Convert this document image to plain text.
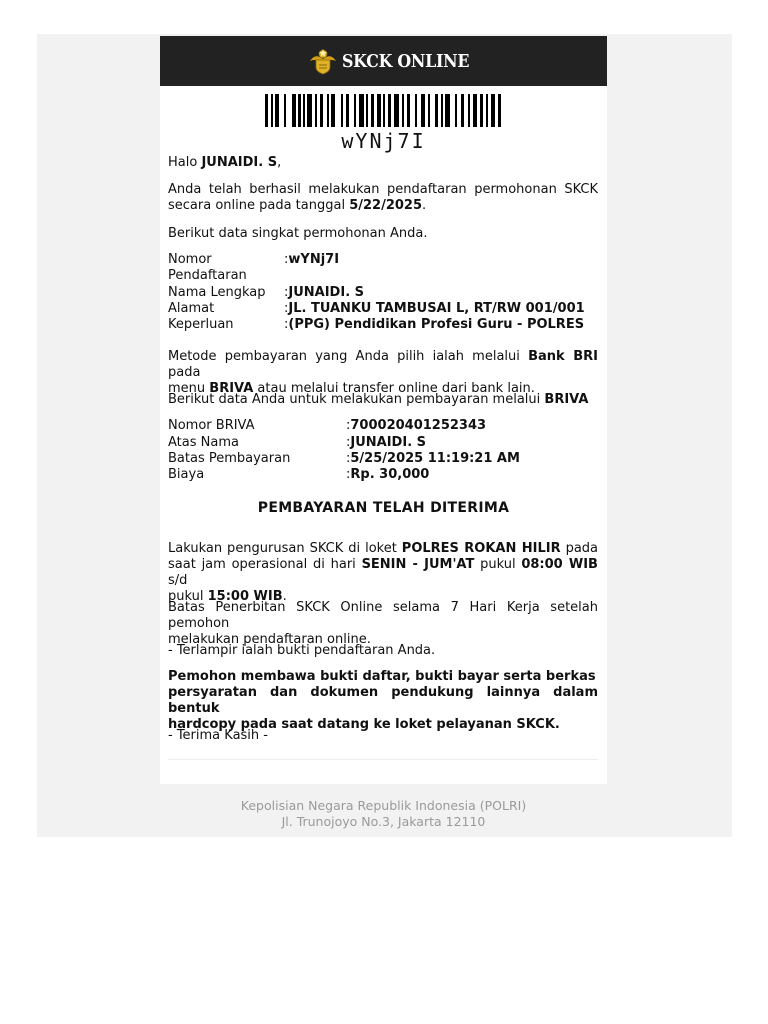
SKCK ONLINE
wYNj7I
Halo JUNAIDI. S,
Anda telah berhasil melakukan pendaftaran permohonan SKCK
secara online pada tanggal 5/22/2025.
Berikut data singkat permohonan Anda.
Nomor
Pendaftaran
:wYNj7I
Nama Lengkap :JUNAIDI. S
Alamat	:JL. TUANKU TAMBUSAI L, RT/RW 001/001
Keperluan	:(PPG) Pendidikan Profesi Guru - POLRES
Metode pembayaran yang Anda pilih ialah melalui Bank BRI pada
menu BRIVA atau melalui transfer online dari bank lain.
Berikut data Anda untuk melakukan pembayaran melalui BRIVA
Nomor BRIVA	:700020401252343
Atas Nama	:JUNAIDI. S
Batas Pembayaran	:5/25/2025 11:19:21 AM
Biaya	:Rp. 30,000
PEMBAYARAN TELAH DITERIMA
Lakukan pengurusan SKCK di loket POLRES ROKAN HILIR pada
saat jam operasional di hari SENIN - JUM'AT pukul 08:00 WIB s/d
pukul 15:00 WIB.
Batas Penerbitan SKCK Online selama 7 Hari Kerja setelah pemohon
melakukan pendaftaran online.
- Terlampir ialah bukti pendaftaran Anda.
Pemohon membawa bukti daftar, bukti bayar serta berkas
persyaratan dan dokumen pendukung lainnya dalam bentuk
hardcopy pada saat datang ke loket pelayanan SKCK.
- Terima Kasih -
Kepolisian Negara Republik Indonesia (POLRI)
Jl. Trunojoyo No.3, Jakarta 12110
